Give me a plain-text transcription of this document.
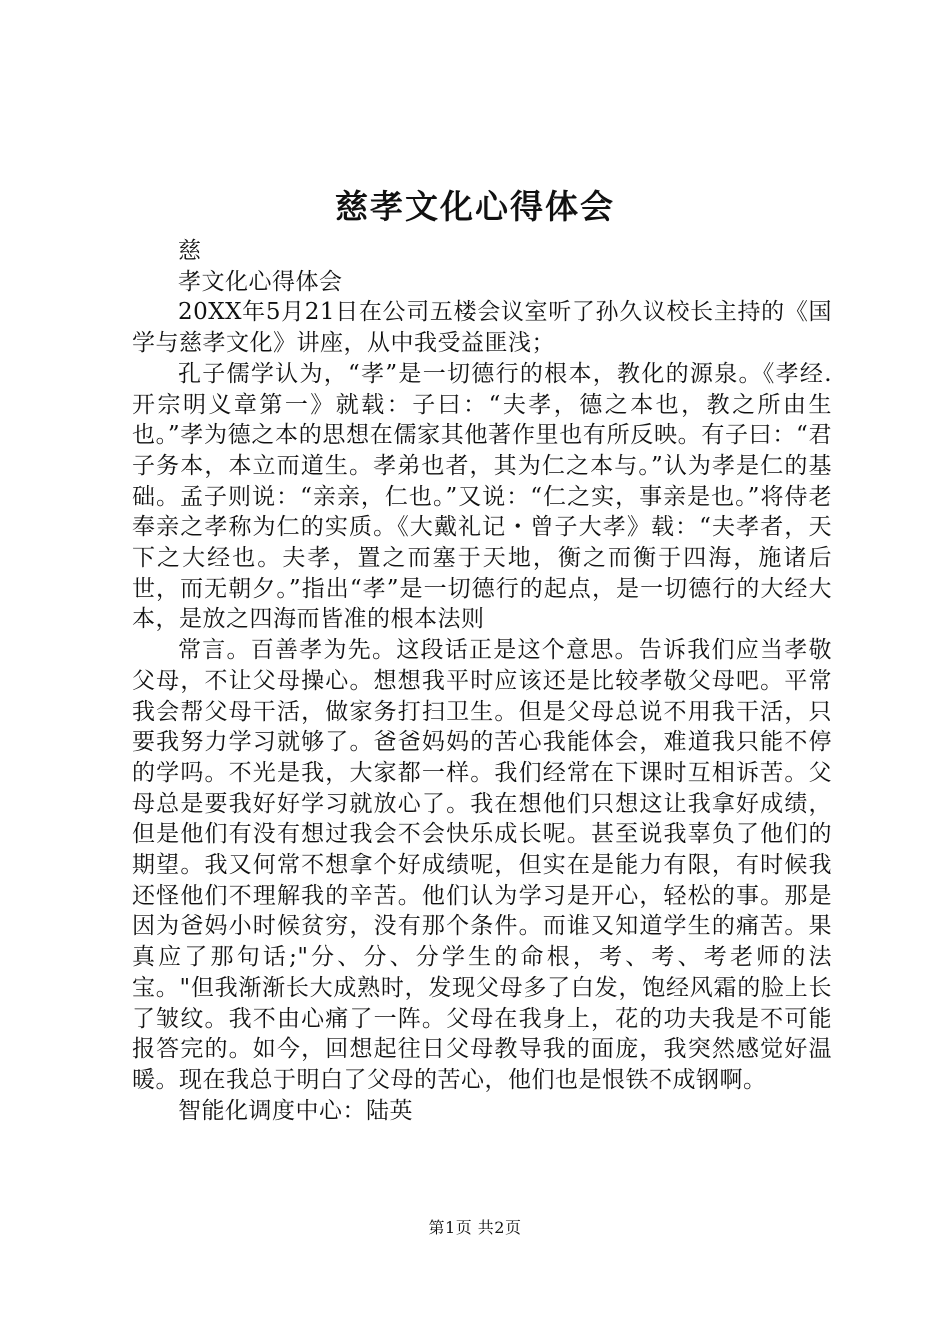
慈孝文化心得体会

慈

孝文化心得体会

20XX年5月21日在公司五楼会议室听了孙久议校长主持的《国学与慈孝文化》讲座，从中我受益匪浅；

孔子儒学认为，“孝”是一切德行的根本，教化的源泉。《孝经.开宗明义章第一》就载：子曰：“夫孝，德之本也，教之所由生也。”孝为德之本的思想在儒家其他著作里也有所反映。有子曰：“君子务本，本立而道生。孝弟也者，其为仁之本与。”认为孝是仁的基础。孟子则说：“亲亲，仁也。”又说：“仁之实，事亲是也。”将侍老奉亲之孝称为仁的实质。《大戴礼记・曾子大孝》载：“夫孝者，天下之大经也。夫孝，置之而塞于天地，衡之而衡于四海，施诸后世，而无朝夕。”指出“孝”是一切德行的起点，是一切德行的大经大本，是放之四海而皆准的根本法则

常言。百善孝为先。这段话正是这个意思。告诉我们应当孝敬父母，不让父母操心。想想我平时应该还是比较孝敬父母吧。平常我会帮父母干活，做家务打扫卫生。但是父母总说不用我干活，只要我努力学习就够了。爸爸妈妈的苦心我能体会，难道我只能不停的学吗。不光是我，大家都一样。我们经常在下课时互相诉苦。父母总是要我好好学习就放心了。我在想他们只想这让我拿好成绩，但是他们有没有想过我会不会快乐成长呢。甚至说我辜负了他们的期望。我又何常不想拿个好成绩呢，但实在是能力有限，有时候我还怪他们不理解我的辛苦。他们认为学习是开心，轻松的事。那是因为爸妈小时候贫穷，没有那个条件。而谁又知道学生的痛苦。果真应了那句话;"分、分、分学生的命根，考、考、考老师的法宝。"但我渐渐长大成熟时，发现父母多了白发，饱经风霜的脸上长了皱纹。我不由心痛了一阵。父母在我身上，花的功夫我是不可能报答完的。如今，回想起往日父母教导我的面庞，我突然感觉好温暖。现在我总于明白了父母的苦心，他们也是恨铁不成钢啊。

智能化调度中心：陆英

第1页 共2页
